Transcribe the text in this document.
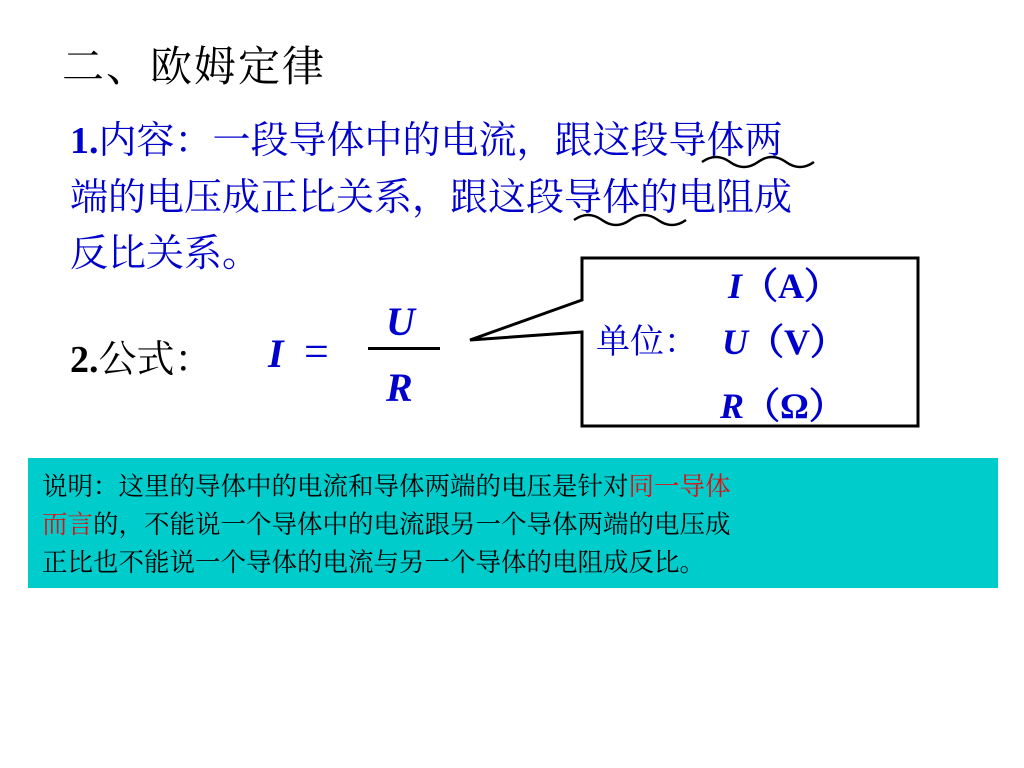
二、欧姆定律
1.内容：一段导体中的电流，跟这段导体两
端的电压成正比关系，跟这段导体的电阻成
反比关系。
2.公式： I =
U
R
单位：
I（A）
U（V）
R（Ω）
说明：这里的导体中的电流和导体两端的电压是针对同一导体
而言的，不能说一个导体中的电流跟另一个导体两端的电压成
正比也不能说一个导体的电流与另一个导体的电阻成反比。
